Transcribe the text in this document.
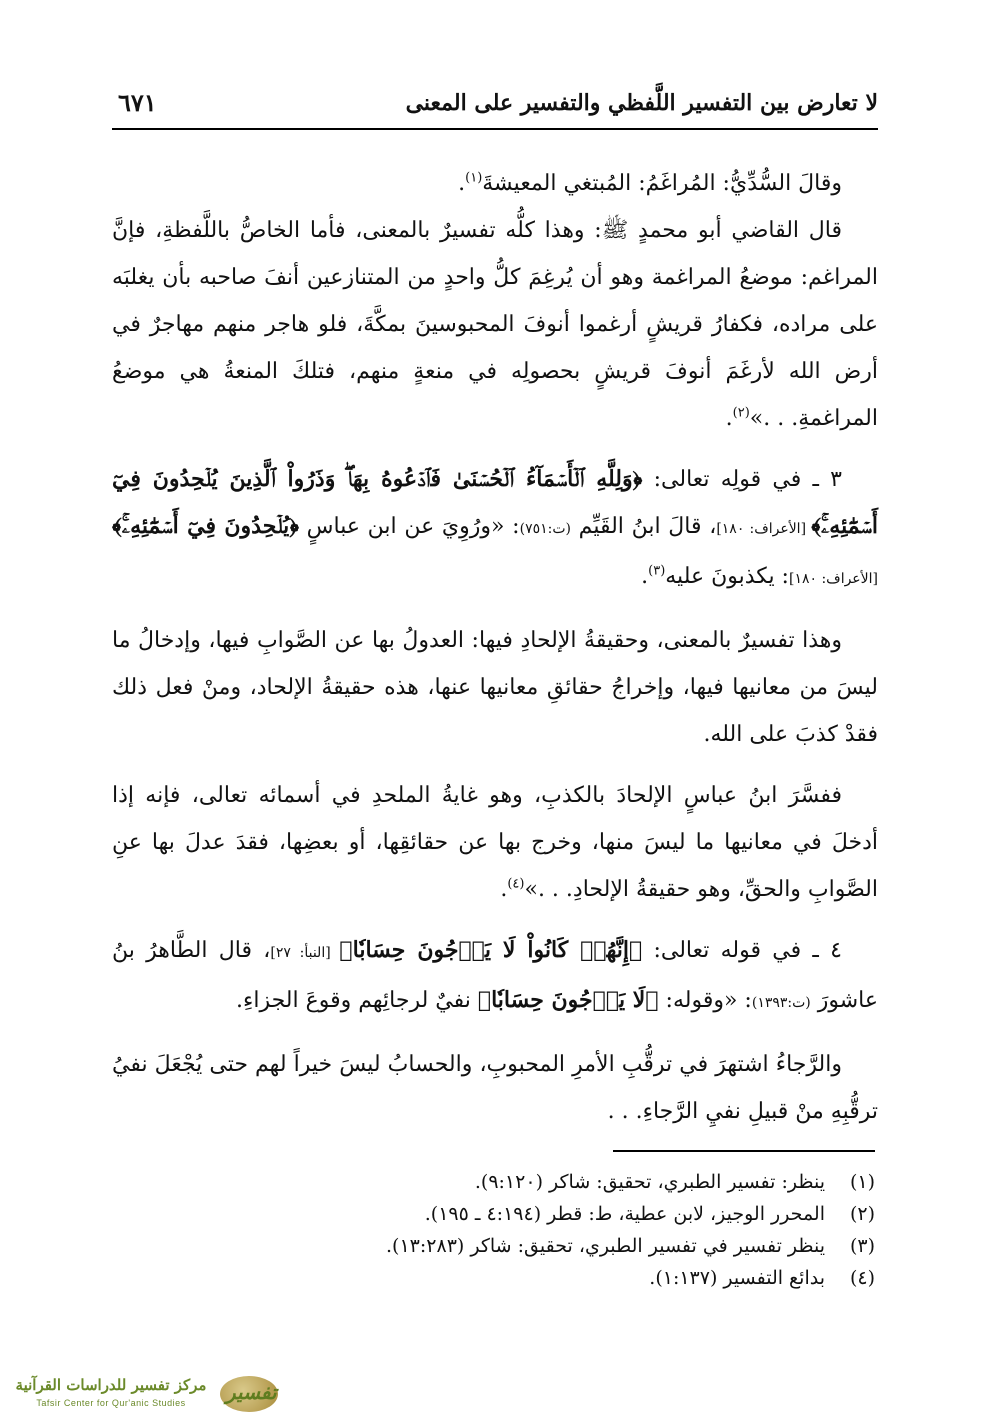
٦٧١	لا تعارض بين التفسير اللَّفظي والتفسير على المعنى

وقالَ السُّدِّيُّ: المُراغَمُ: المُبتغي المعيشةَ$^{(١)}$.

قال القاضي أبو محمدٍ ﷺ: وهذا كلُّه تفسيرٌ بالمعنى، فأما الخاصُّ باللَّفظةِ، فإنَّ المراغم: موضعُ المراغمة وهو أن يُرغِمَ كلُّ واحدٍ من المتنازعين أنفَ صاحبه بأن يغلبَه على مراده، فكفارُ قريشٍ أرغموا أنوفَ المحبوسينَ بمكَّةَ، فلو هاجر منهم مهاجرٌ في أرض الله لأرغَمَ أنوفَ قريشٍ بحصولِه في منعةٍ منهم، فتلكَ المنعةُ هي موضعُ المراغمةِ. . .»$^{(٢)}$.

٣ ـ في قولِه تعالى: ﴿وَلِلَّهِ ٱلۡأَسۡمَآءُ ٱلۡحُسۡنَىٰ فَٱدۡعُوهُ بِهَاۖ وَذَرُواْ ٱلَّذِينَ يُلۡحِدُونَ فِيٓ أَسۡمَٰٓئِهِۦۚ﴾ [الأعراف: ١٨٠]، قالَ ابنُ القَيِّم (ت:٧٥١): «ورُوِيَ عن ابن عباسٍ ﴿يُلۡحِدُونَ فِيٓ أَسۡمَٰٓئِهِۦۚ﴾ [الأعراف: ١٨٠]: يكذبونَ عليه$^{(٣)}$.

وهذا تفسيرٌ بالمعنى، وحقيقةُ الإلحادِ فيها: العدولُ بها عن الصَّوابِ فيها، وإدخالُ ما ليسَ من معانيها فيها، وإخراجُ حقائقِ معانيها عنها، هذه حقيقةُ الإلحاد، ومنْ فعل ذلك فقدْ كذبَ على الله.

ففسَّرَ ابنُ عباسٍ الإلحادَ بالكذبِ، وهو غايةُ الملحدِ في أسمائه تعالى، فإنه إذا أدخلَ في معانيها ما ليسَ منها، وخرج بها عن حقائقِها، أو بعضِها، فقدَ عدلَ بها عنِ الصَّوابِ والحقِّ، وهو حقيقةُ الإلحادِ. . .»$^{(٤)}$.

٤ ـ في قوله تعالى: ﴿إِنَّهُمۡ كَانُواْ لَا يَرۡجُونَ حِسَابٗا﴾ [النبأ: ٢٧]، قال الطَّاهرُ بنُ عاشورَ (ت:١٣٩٣): «وقوله: ﴿لَا يَرۡجُونَ حِسَابٗا﴾ نفيٌ لرجائِهم وقوعَ الجزاءِ.

والرَّجاءُ اشتهرَ في ترقُّبِ الأمرِ المحبوبِ، والحسابُ ليسَ خيراً لهم حتى يُجْعَلَ نفيُ ترقُّبِهِ منْ قبيلِ نفيِ الرَّجاءِ. . .

(١)
ينظر: تفسير الطبري، تحقيق: شاكر (٩:١٢٠).
(٢)
المحرر الوجيز، لابن عطية، ط: قطر (٤:١٩٤ ـ ١٩٥).
(٣)
ينظر تفسير في تفسير الطبري، تحقيق: شاكر (١٣:٢٨٣).
(٤)
بدائع التفسير (١:١٣٧).
تفسير
مركز تفسير للدراسات القرآنية
Tafsir Center for Qur'anic Studies
